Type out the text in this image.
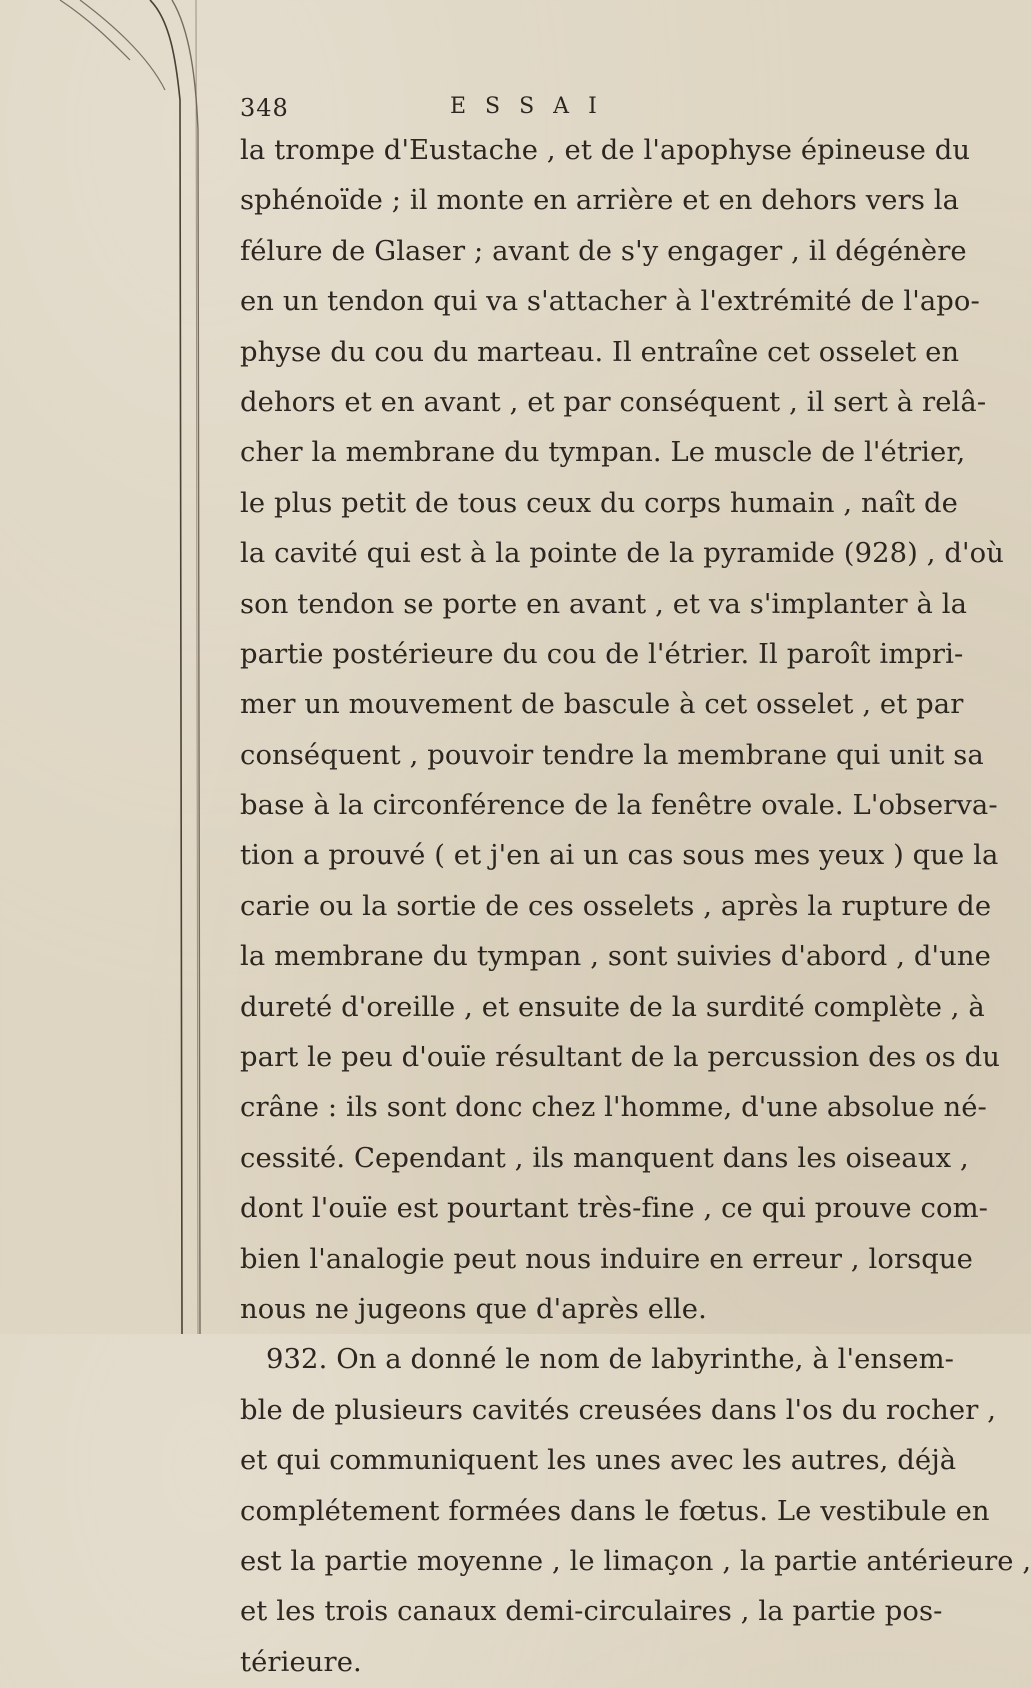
348	E S S A I
la trompe d'Eustache , et de l'apophyse épineuse du
sphénoïde ; il monte en arrière et en dehors vers la
félure de Glaser ; avant de s'y engager , il dégénère
en un tendon qui va s'attacher à l'extrémité de l'apo-
physe du cou du marteau. Il entraîne cet osselet en
dehors et en avant , et par conséquent , il sert à relâ-
cher la membrane du tympan. Le muscle de l'étrier,
le plus petit de tous ceux du corps humain , naît de
la cavité qui est à la pointe de la pyramide (928) , d'où
son tendon se porte en avant , et va s'implanter à la
partie postérieure du cou de l'étrier. Il paroît impri-
mer un mouvement de bascule à cet osselet , et par
conséquent , pouvoir tendre la membrane qui unit sa
base à la circonférence de la fenêtre ovale. L'observa-
tion a prouvé ( et j'en ai un cas sous mes yeux ) que la
carie ou la sortie de ces osselets , après la rupture de
la membrane du tympan , sont suivies d'abord , d'une
dureté d'oreille , et ensuite de la surdité complète , à
part le peu d'ouïe résultant de la percussion des os du
crâne : ils sont donc chez l'homme, d'une absolue né-
cessité. Cependant , ils manquent dans les oiseaux ,
dont l'ouïe est pourtant très-fine , ce qui prouve com-
bien l'analogie peut nous induire en erreur , lorsque
nous ne jugeons que d'après elle.
932. On a donné le nom de labyrinthe, à l'ensem-
ble de plusieurs cavités creusées dans l'os du rocher ,
et qui communiquent les unes avec les autres, déjà
complétement formées dans le fœtus. Le vestibule en
est la partie moyenne , le limaçon , la partie antérieure ,
et les trois canaux demi-circulaires , la partie pos-
térieure.
